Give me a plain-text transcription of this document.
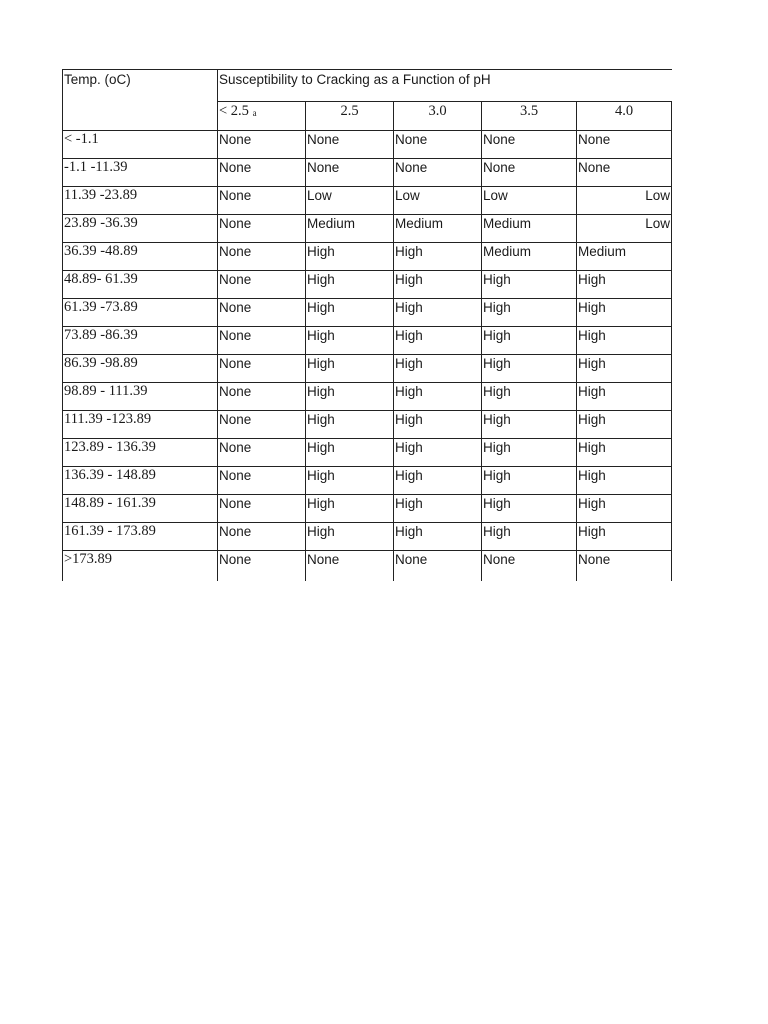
Temp. (oC)	Susceptibility to Cracking as a Function of pH				
	< 2.5 $_a$	2.5	3.0	3.5	4.0
< -1.1	None	None	None	None	None
-1.1 -11.39	None	None	None	None	None
11.39 -23.89	None	Low	Low	Low	Low
23.89 -36.39	None	Medium	Medium	Medium	Low
36.39 -48.89	None	High	High	Medium	Medium
48.89- 61.39	None	High	High	High	High
61.39 -73.89	None	High	High	High	High
73.89 -86.39	None	High	High	High	High
86.39 -98.89	None	High	High	High	High
98.89 - 111.39	None	High	High	High	High
111.39 -123.89	None	High	High	High	High
123.89 - 136.39	None	High	High	High	High
136.39 - 148.89	None	High	High	High	High
148.89 - 161.39	None	High	High	High	High
161.39 - 173.89	None	High	High	High	High
>173.89	None	None	None	None	None
